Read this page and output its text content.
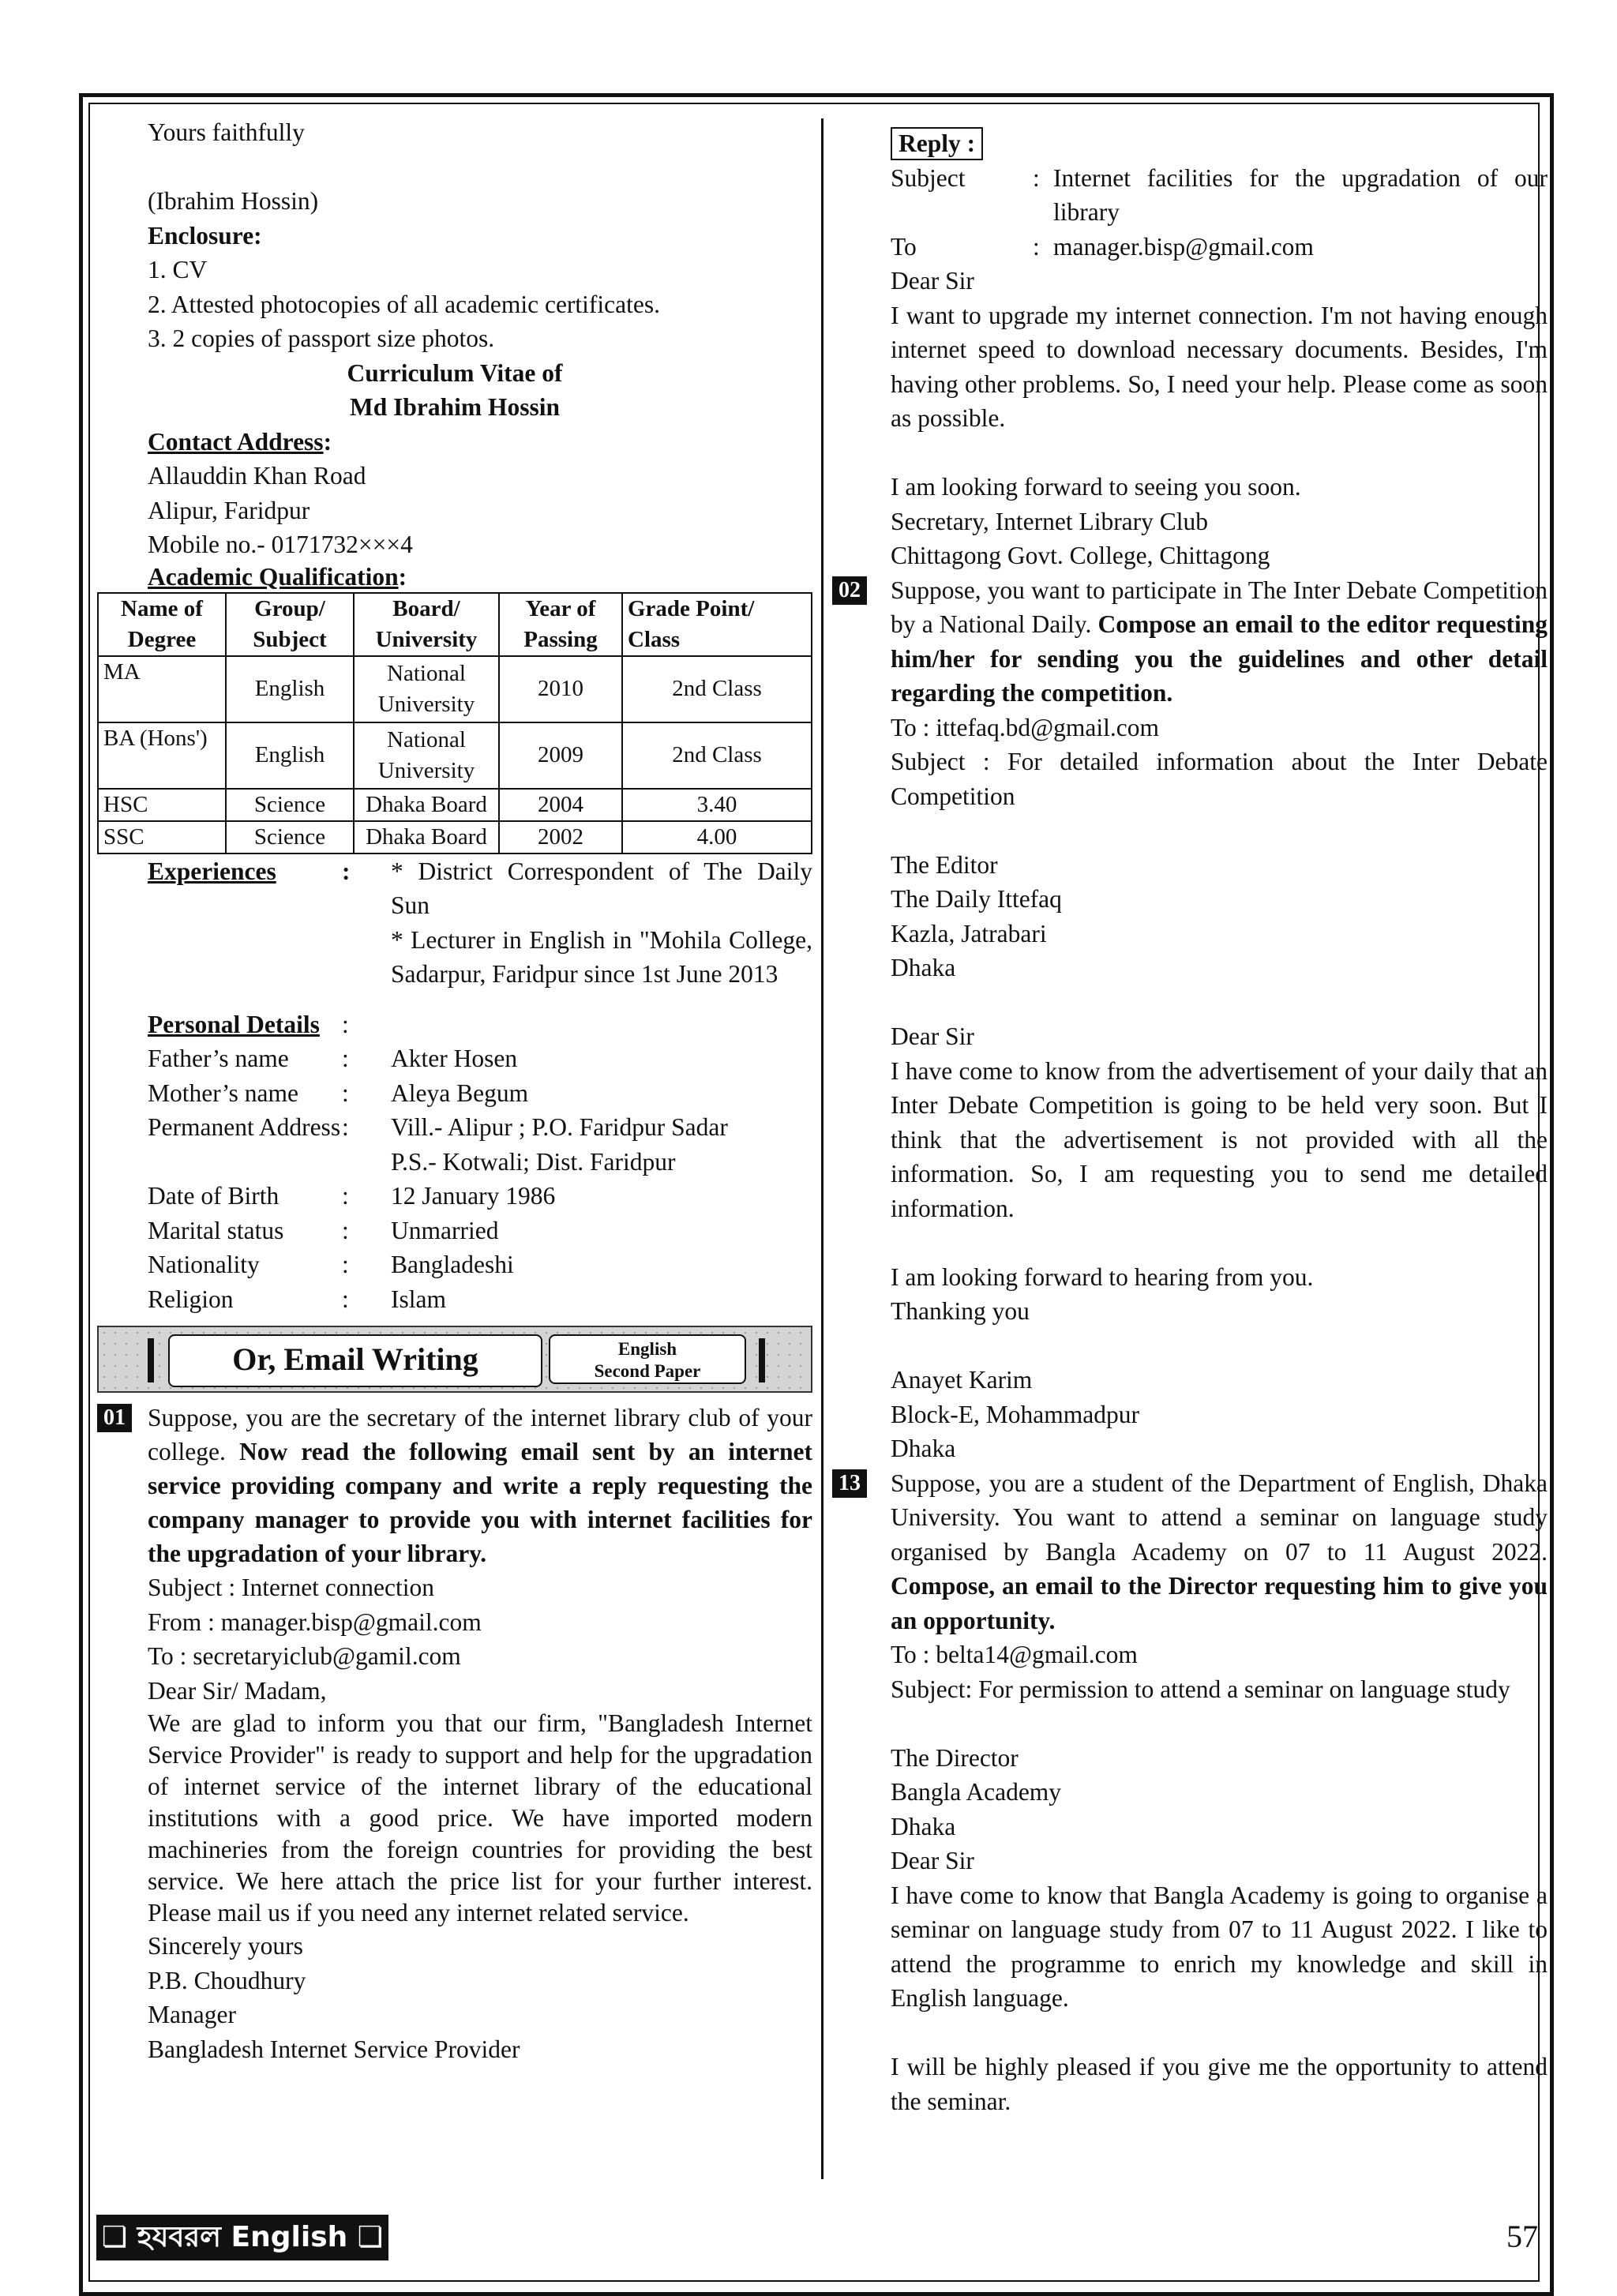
Yours faithfully
(Ibrahim Hossin)
Enclosure:
1. CV
2. Attested photocopies of all academic certificates.
3. 2 copies of passport size photos.
Curriculum Vitae of
Md Ibrahim Hossin
Contact Address:
Allauddin Khan Road
Alipur, Faridpur
Mobile no.- 0171732×××4
Academic Qualification:
Name of Degree	Group/ Subject	Board/ University	Year of Passing	Grade Point/ Class
MA	English	National University	2010	2nd Class
BA (Hons')	English	National University	2009	2nd Class
HSC	Science	Dhaka Board	2004	3.40
SSC	Science	Dhaka Board	2002	4.00
Experiences	:	* District Correspondent of The Daily Sun
* Lecturer in English in "Mohila College, Sadarpur, Faridpur since 1st June 2013
Personal Details :
Father’s name	:	Akter Hosen
Mother’s name	:	Aleya Begum
Permanent Address :	Vill.- Alipur ; P.O. Faridpur Sadar
P.S.- Kotwali; Dist. Faridpur
Date of Birth	:	12 January 1986
Marital status	:	Unmarried
Nationality	:	Bangladeshi
Religion	:	Islam
Or, Email Writing	English
Second Paper
01 Suppose, you are the secretary of the internet library club of your college. Now read the following email sent by an internet service providing company and write a reply requesting the company manager to provide you with internet facilities for the upgradation of your library.
Subject : Internet connection
From : manager.bisp@gmail.com
To : secretaryiclub@gamil.com
Dear Sir/ Madam,
We are glad to inform you that our firm, "Bangladesh Internet Service Provider" is ready to support and help for the upgradation of internet service of the internet library of the educational institutions with a good price. We have imported modern machineries from the foreign countries for providing the best service. We here attach the price list for your further interest. Please mail us if you need any internet related service.
Sincerely yours
P.B. Choudhury
Manager
Bangladesh Internet Service Provider
Reply :
Subject	: Internet facilities for the upgradation of our library
To	: manager.bisp@gmail.com
Dear Sir
I want to upgrade my internet connection. I'm not having enough internet speed to download necessary documents. Besides, I'm having other problems. So, I need your help. Please come as soon as possible.
I am looking forward to seeing you soon.
Secretary, Internet Library Club
Chittagong Govt. College, Chittagong
02 Suppose, you want to participate in The Inter Debate Competition by a National Daily. Compose an email to the editor requesting him/her for sending you the guidelines and other detail regarding the competition.
To : ittefaq.bd@gmail.com
Subject : For detailed information about the Inter Debate Competition
The Editor
The Daily Ittefaq
Kazla, Jatrabari
Dhaka
Dear Sir
I have come to know from the advertisement of your daily that an Inter Debate Competition is going to be held very soon. But I think that the advertisement is not provided with all the information. So, I am requesting you to send me detailed information.
I am looking forward to hearing from you.
Thanking you
Anayet Karim
Block-E, Mohammadpur
Dhaka
13 Suppose, you are a student of the Department of English, Dhaka University. You want to attend a seminar on language study organised by Bangla Academy on 07 to 11 August 2022. Compose, an email to the Director requesting him to give you an opportunity.
To : belta14@gmail.com
Subject: For permission to attend a seminar on language study
The Director
Bangla Academy
Dhaka
Dear Sir
I have come to know that Bangla Academy is going to organise a seminar on language study from 07 to 11 August 2022. I like to attend the programme to enrich my knowledge and skill in English language.
I will be highly pleased if you give me the opportunity to attend the seminar.
❏ হযবরল English ❏	57
